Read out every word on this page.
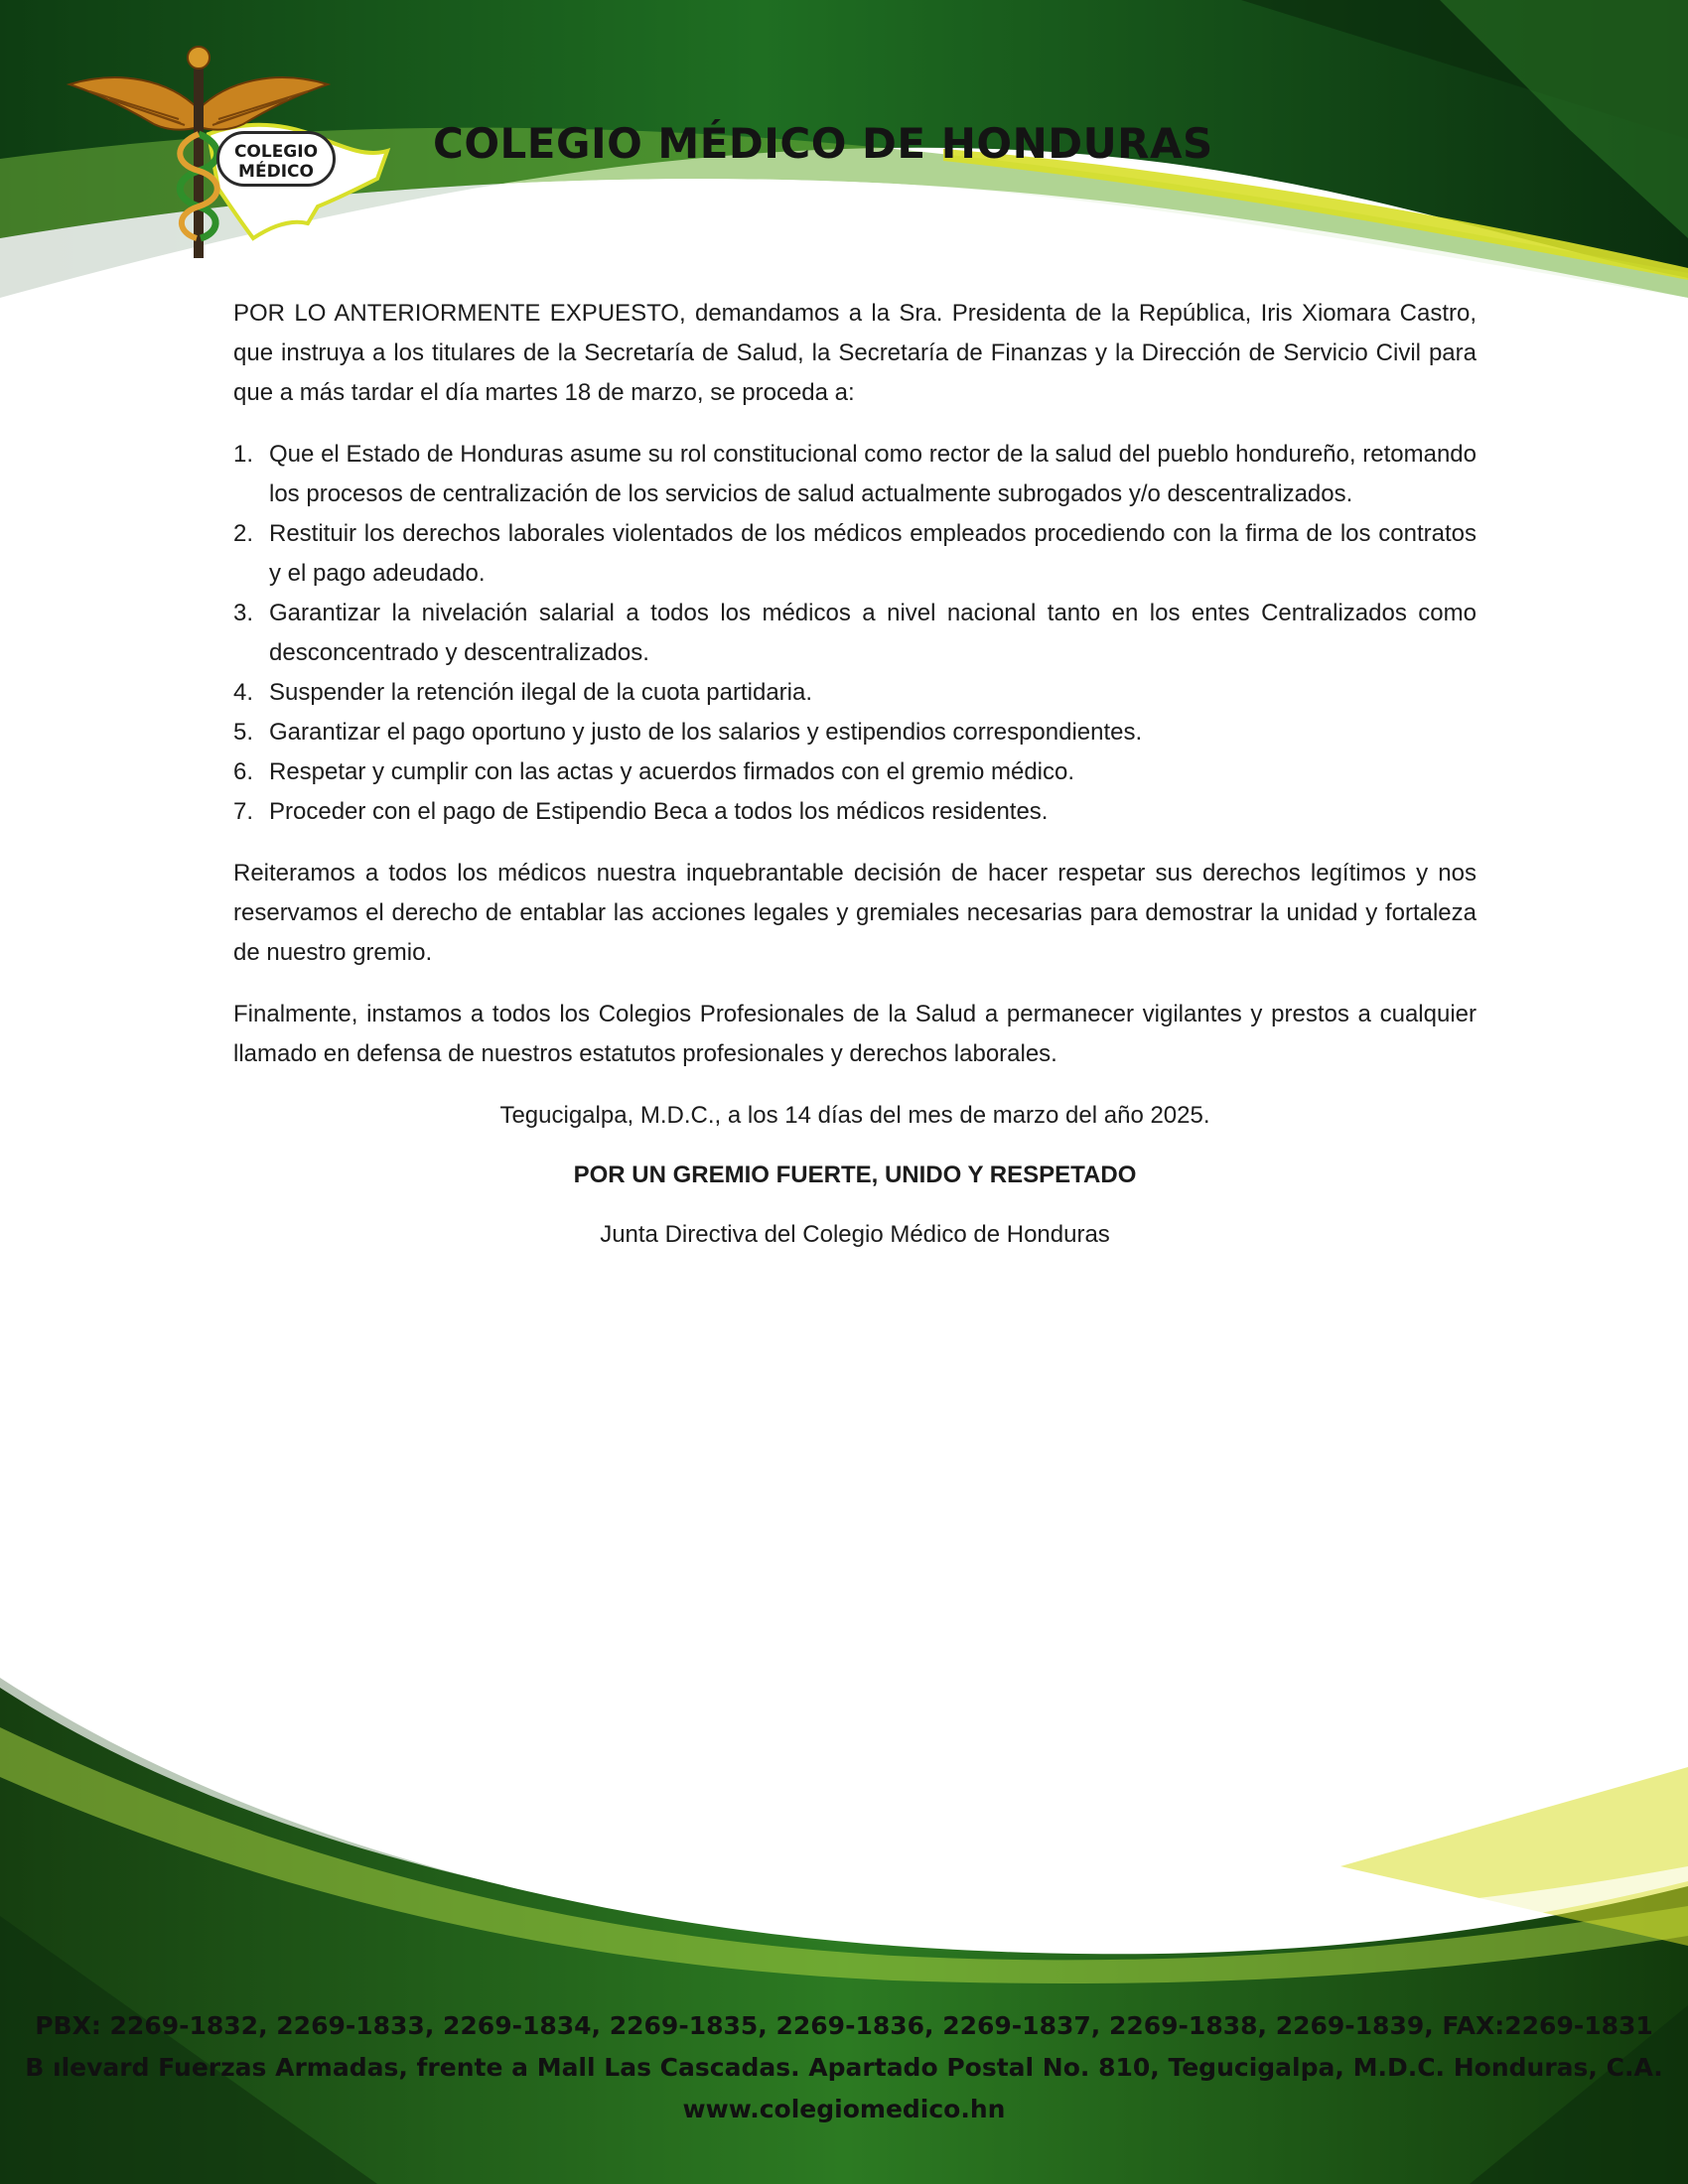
COLEGIO
MÉDICO
COLEGIO MÉDICO DE HONDURAS

POR LO ANTERIORMENTE EXPUESTO, demandamos a la Sra. Presidenta de la República, Iris Xiomara Castro, que instruya a los titulares de la Secretaría de Salud, la Secretaría de Finanzas y la Dirección de Servicio Civil para que a más tardar el día martes 18 de marzo, se proceda a:

1. Que el Estado de Honduras asume su rol constitucional como rector de la salud del pueblo hondureño, retomando los procesos de centralización de los servicios de salud actualmente subrogados y/o descentralizados.
2. Restituir los derechos laborales violentados de los médicos empleados procediendo con la firma de los contratos y el pago adeudado.
3. Garantizar la nivelación salarial a todos los médicos a nivel nacional tanto en los entes Centralizados como desconcentrado y descentralizados.
4. Suspender la retención ilegal de la cuota partidaria.
5. Garantizar el pago oportuno y justo de los salarios y estipendios correspondientes.
6. Respetar y cumplir con las actas y acuerdos firmados con el gremio médico.
7. Proceder con el pago de Estipendio Beca a todos los médicos residentes.

Reiteramos a todos los médicos nuestra inquebrantable decisión de hacer respetar sus derechos legítimos y nos reservamos el derecho de entablar las acciones legales y gremiales necesarias para demostrar la unidad y fortaleza de nuestro gremio.

Finalmente, instamos a todos los Colegios Profesionales de la Salud a permanecer vigilantes y prestos a cualquier llamado en defensa de nuestros estatutos profesionales y derechos laborales.

Tegucigalpa, M.D.C., a los 14 días del mes de marzo del año 2025.

POR UN GREMIO FUERTE, UNIDO Y RESPETADO

Junta Directiva del Colegio Médico de Honduras

PBX: 2269-1832, 2269-1833, 2269-1834, 2269-1835, 2269-1836, 2269-1837, 2269-1838, 2269-1839, FAX:2269-1831

B ılevard Fuerzas Armadas, frente a Mall Las Cascadas. Apartado Postal No. 810, Tegucigalpa, M.D.C. Honduras, C.A.

www.colegiomedico.hn
